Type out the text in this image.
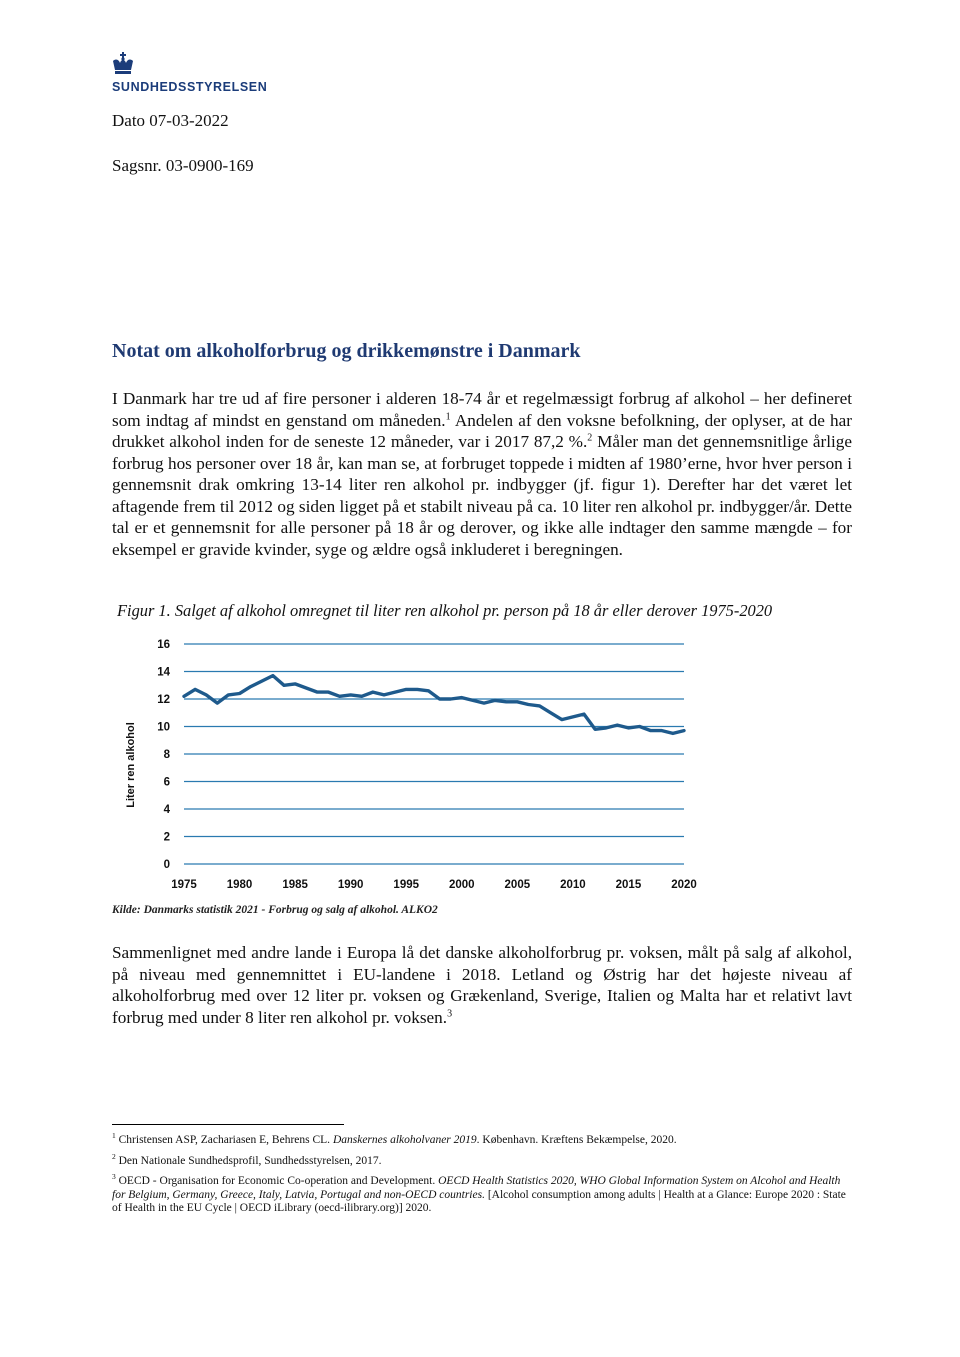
SUNDHEDSSTYRELSEN
Dato 07-03-2022
Sagsnr. 03-0900-169
Notat om alkoholforbrug og drikkemønstre i Danmark
I Danmark har tre ud af fire personer i alderen 18-74 år et regelmæssigt forbrug af alkohol – her defineret som indtag af mindst en genstand om måneden.$^1$ Andelen af den voksne befolkning, der oplyser, at de har drukket alkohol inden for de seneste 12 måneder, var i 2017 87,2 %.$^2$ Måler man det gennemsnitlige årlige forbrug hos personer over 18 år, kan man se, at forbruget toppede i midten af 1980’erne, hvor hver person i gennemsnit drak omkring 13-14 liter ren alkohol pr. indbygger (jf. figur 1). Derefter har det været let aftagende frem til 2012 og siden ligget på et stabilt niveau på ca. 10 liter ren alkohol pr. indbygger/år. Dette tal er et gennemsnit for alle personer på 18 år og derover, og ikke alle indtager den samme mængde – for eksempel er gravide kvinder, syge og ældre også inkluderet i beregningen.
Figur 1. Salget af alkohol omregnet til liter ren alkohol pr. person på 18 år eller derover 1975-2020
0
2
4
6
8
10
12
14
16
1975	1980	1985	1990	1995	2000	2005	2010	2015	2020
Liter ren alkohol
Kilde: Danmarks statistik 2021 - Forbrug og salg af alkohol. ALKO2
Sammenlignet med andre lande i Europa lå det danske alkoholforbrug pr. voksen, målt på salg af alkohol, på niveau med gennemnittet i EU-landene i 2018. Letland og Østrig har det højeste niveau af alkoholforbrug med over 12 liter pr. voksen og Grækenland, Sverige, Italien og Malta har et relativt lavt forbrug med under 8 liter ren alkohol pr. voksen.$^3$
$^1$ Christensen ASP, Zachariasen E, Behrens CL. Danskernes alkoholvaner 2019. København. Kræftens Bekæmpelse, 2020.
$^2$ Den Nationale Sundhedsprofil, Sundhedsstyrelsen, 2017.
$^3$ OECD - Organisation for Economic Co-operation and Development. OECD Health Statistics 2020, WHO Global Information System on Alcohol and Health for Belgium, Germany, Greece, Italy, Latvia, Portugal and non-OECD countries. [Alcohol consumption among adults | Health at a Glance: Europe 2020 : State of Health in the EU Cycle | OECD iLibrary (oecd-ilibrary.org)] 2020.
